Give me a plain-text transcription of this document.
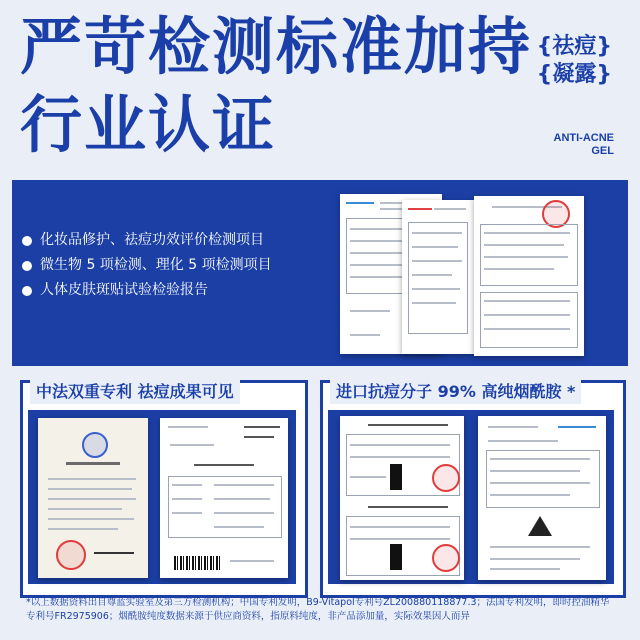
严苛检测标准加持
行业认证
{祛痘}
{凝露}
ANTI-ACNE
GEL
化妆品修护、祛痘功效评价检测项目
微生物 5 项检测、理化 5 项检测项目
人体皮肤斑贴试验检验报告
中法双重专利 祛痘成果可见	进口抗痘分子 99% 高纯烟酰胺 *
*以上数据资料出自尊蓝实验室及第三方检测机构；中国专利发明，B9-Vitapol专利号ZL200880118877.3；法国专利发明，即时控油精华专利号FR2975906；烟酰胺纯度数据来源于供应商资料，指原料纯度，非产品添加量，实际效果因人而异
